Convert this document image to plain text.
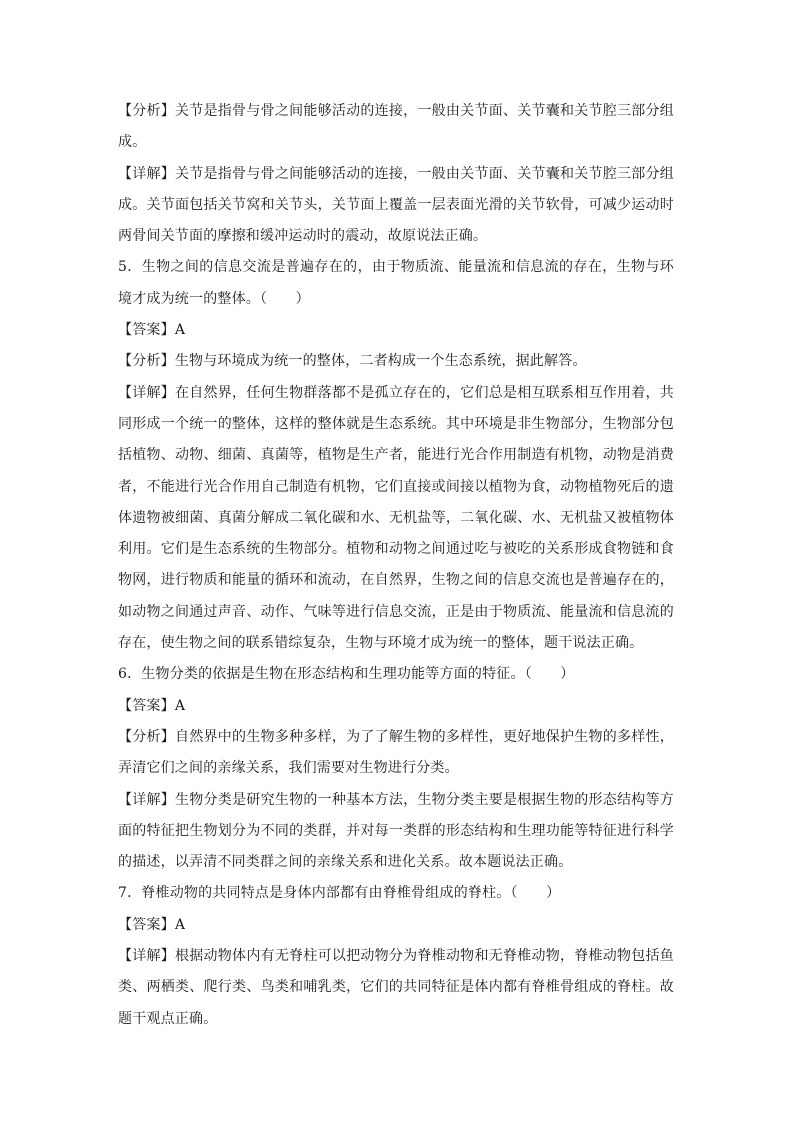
【分析】关节是指骨与骨之间能够活动的连接，一般由关节面、关节囊和关节腔三部分组成。

【详解】关节是指骨与骨之间能够活动的连接，一般由关节面、关节囊和关节腔三部分组成。关节面包括关节窝和关节头，关节面上覆盖一层表面光滑的关节软骨，可减少运动时两骨间关节面的摩擦和缓冲运动时的震动，故原说法正确。

5．生物之间的信息交流是普遍存在的，由于物质流、能量流和信息流的存在，生物与环境才成为统一的整体。（　　）

【答案】A

【分析】生物与环境成为统一的整体，二者构成一个生态系统，据此解答。

【详解】在自然界，任何生物群落都不是孤立存在的，它们总是相互联系相互作用着，共同形成一个统一的整体，这样的整体就是生态系统。其中环境是非生物部分，生物部分包括植物、动物、细菌、真菌等，植物是生产者，能进行光合作用制造有机物，动物是消费者，不能进行光合作用自己制造有机物，它们直接或间接以植物为食，动物植物死后的遗体遗物被细菌、真菌分解成二氧化碳和水、无机盐等，二氧化碳、水、无机盐又被植物体利用。它们是生态系统的生物部分。植物和动物之间通过吃与被吃的关系形成食物链和食物网，进行物质和能量的循环和流动，在自然界，生物之间的信息交流也是普遍存在的，如动物之间通过声音、动作、气味等进行信息交流，正是由于物质流、能量流和信息流的存在，使生物之间的联系错综复杂，生物与环境才成为统一的整体，题干说法正确。

6．生物分类的依据是生物在形态结构和生理功能等方面的特征。（　　）

【答案】A

【分析】自然界中的生物多种多样，为了了解生物的多样性，更好地保护生物的多样性，弄清它们之间的亲缘关系，我们需要对生物进行分类。

【详解】生物分类是研究生物的一种基本方法，生物分类主要是根据生物的形态结构等方面的特征把生物划分为不同的类群，并对每一类群的形态结构和生理功能等特征进行科学的描述，以弄清不同类群之间的亲缘关系和进化关系。故本题说法正确。

7．脊椎动物的共同特点是身体内部都有由脊椎骨组成的脊柱。（　　）

【答案】A

【详解】根据动物体内有无脊柱可以把动物分为脊椎动物和无脊椎动物，脊椎动物包括鱼类、两栖类、爬行类、鸟类和哺乳类，它们的共同特征是体内都有脊椎骨组成的脊柱。故题干观点正确。
